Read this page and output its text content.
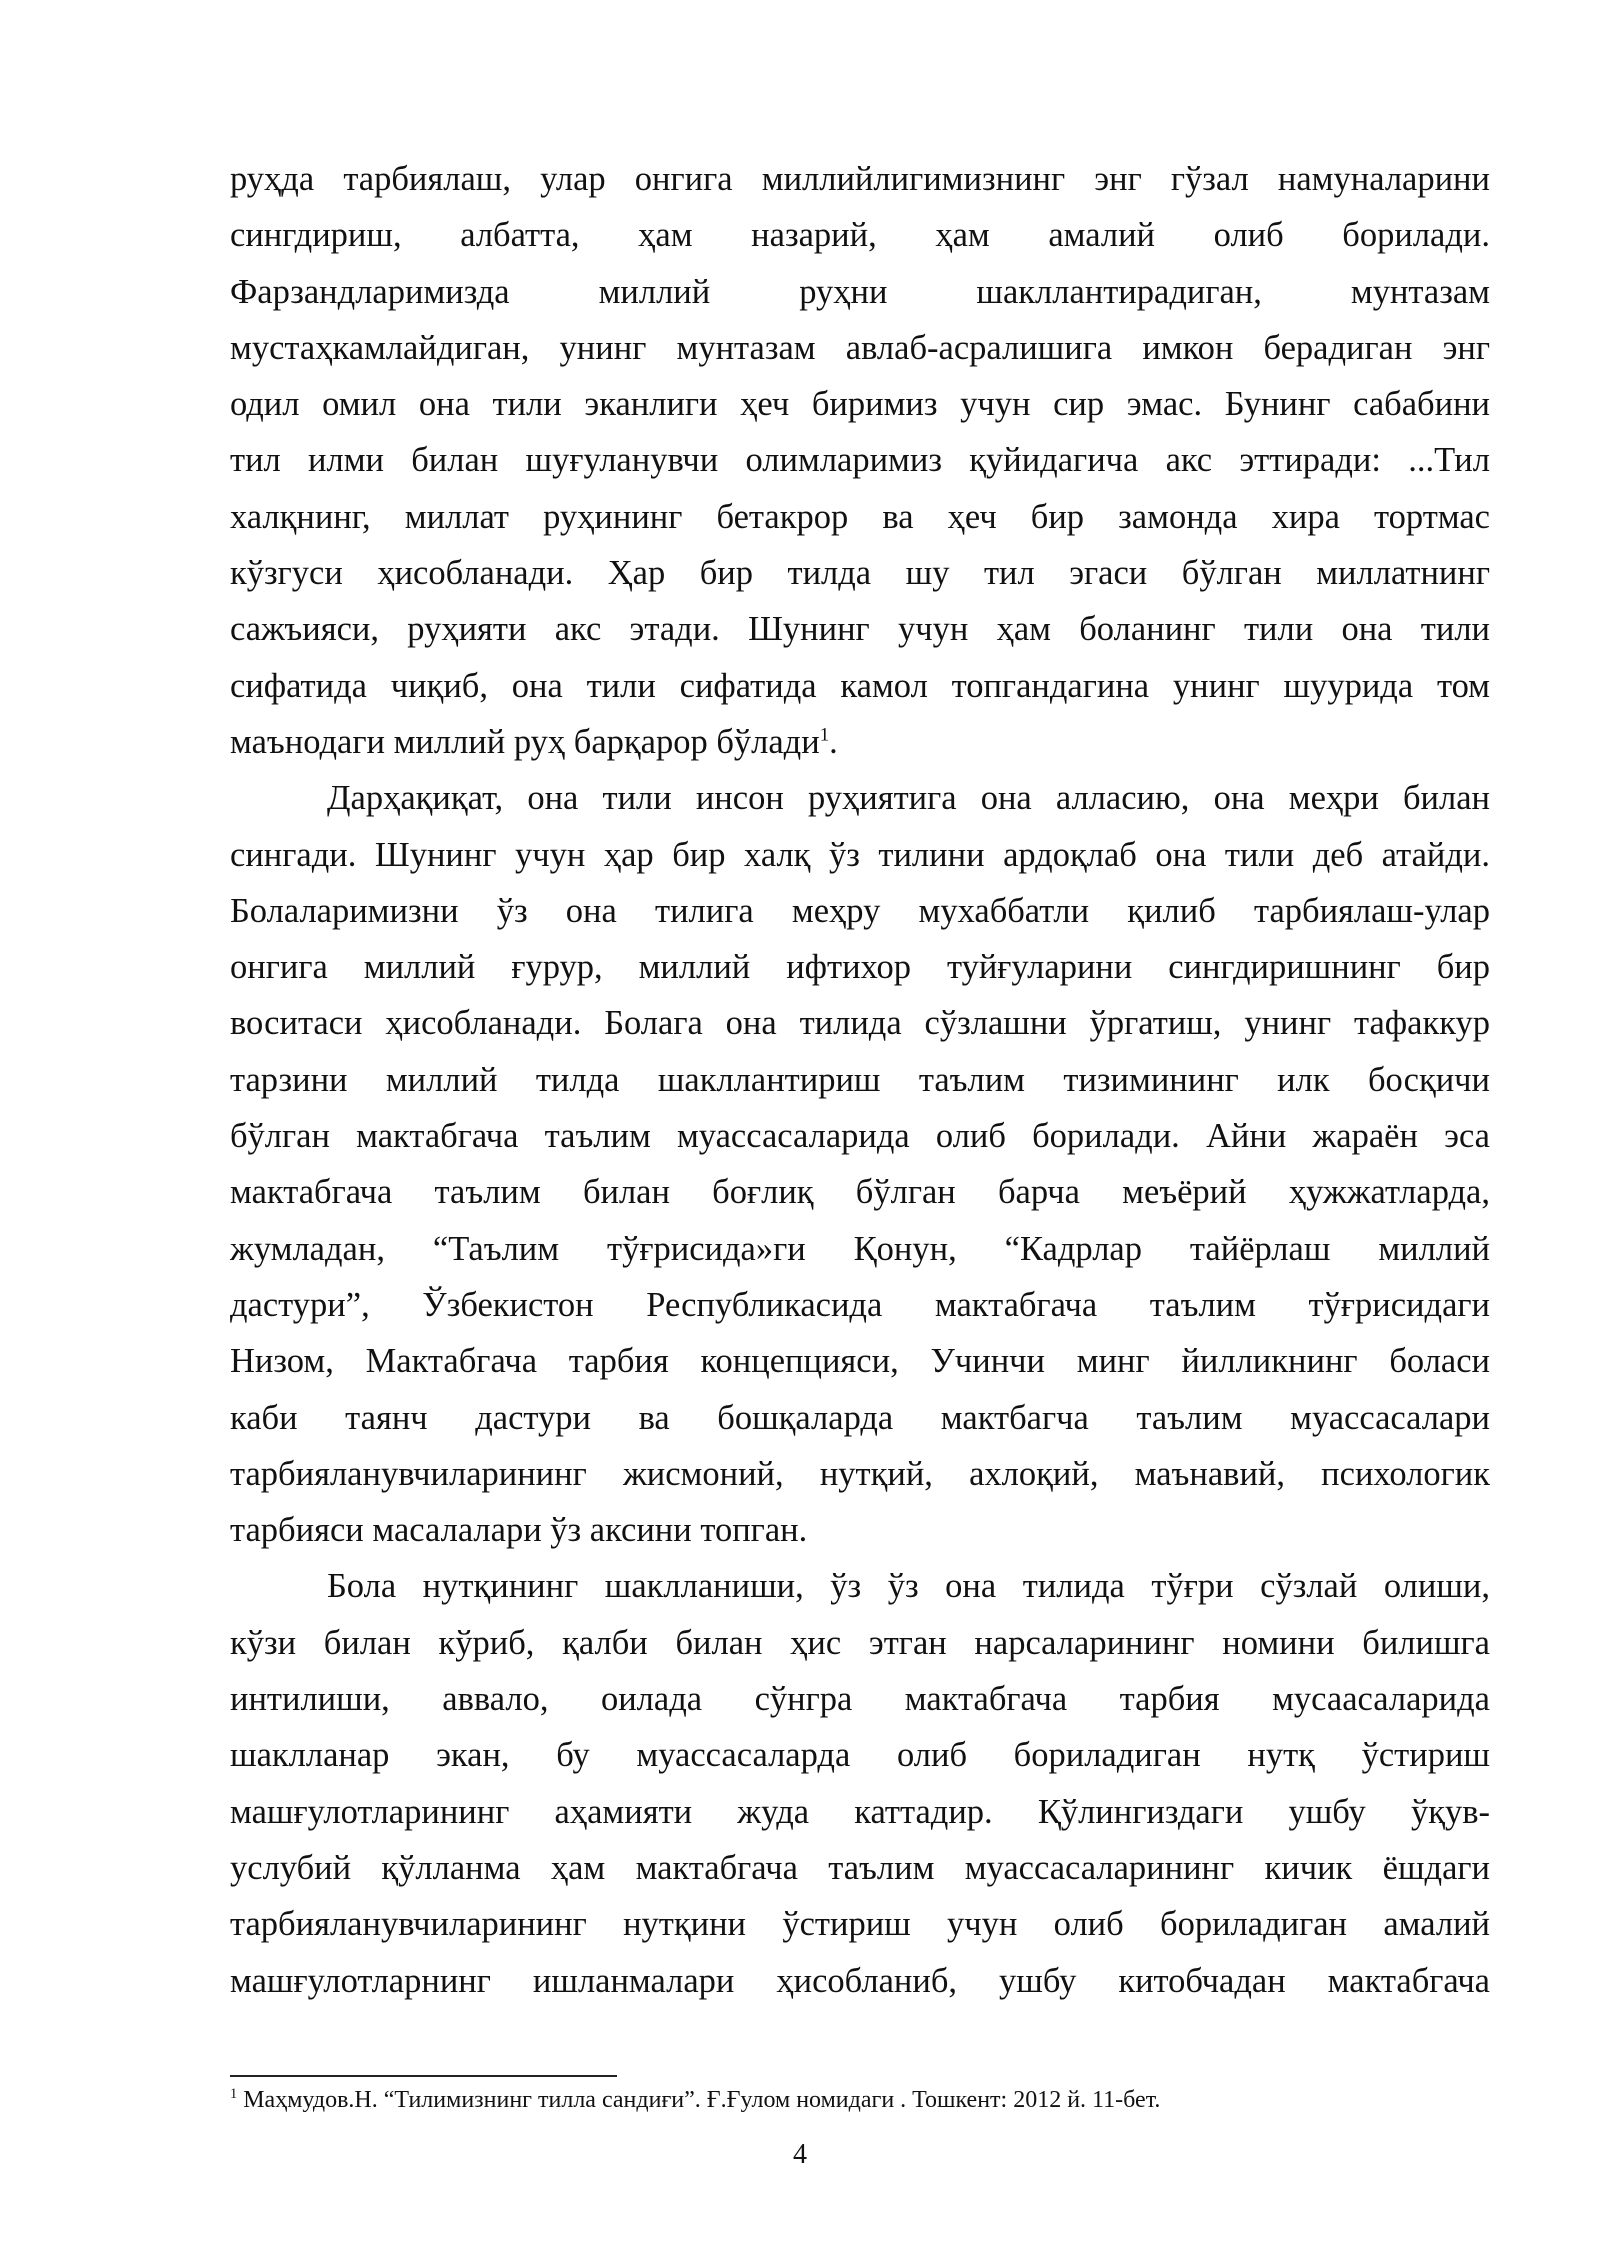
руҳда тарбиялаш, улар онгига миллийлигимизнинг энг гўзал намуналарини
сингдириш, албатта, ҳам назарий, ҳам амалий олиб борилади.
Фарзандларимизда миллий руҳни шакллантирадиган, мунтазам
мустаҳкамлайдиган, унинг мунтазам авлаб-асралишига имкон берадиган энг
одил омил она тили эканлиги ҳеч биримиз учун сир эмас. Бунинг сабабини
тил илми билан шуғуланувчи олимларимиз қуйидагича акс эттиради: ...Тил
халқнинг, миллат руҳининг бетакрор ва ҳеч бир замонда хира тортмас
кўзгуси ҳисобланади. Ҳар бир тилда шу тил эгаси бўлган миллатнинг
сажъияси, руҳияти акс этади. Шунинг учун ҳам боланинг тили она тили
сифатида чиқиб, она тили сифатида камол топгандагина унинг шуурида том
маънодаги миллий руҳ барқарор бўлади$^1$.
Дарҳақиқат, она тили инсон руҳиятига она алласию, она меҳри билан
сингади. Шунинг учун ҳар бир халқ ўз тилини ардоқлаб она тили деб атайди.
Болаларимизни ўз она тилига меҳру мухаббатли қилиб тарбиялаш-улар
онгига миллий ғурур, миллий ифтихор туйғуларини сингдиришнинг бир
воситаси ҳисобланади. Болага она тилида сўзлашни ўргатиш, унинг тафаккур
тарзини миллий тилда шакллантириш таълим тизимининг илк босқичи
бўлган мактабгача таълим муассасаларида олиб борилади. Айни жараён эса
мактабгача таълим билан боғлиқ бўлган барча меъёрий ҳужжатларда,
жумладан, “Таълим тўғрисида»ги Қонун, “Кадрлар тайёрлаш миллий
дастури”, Ўзбекистон Республикасида мактабгача таълим тўғрисидаги
Низом, Мактабгача тарбия концепцияси, Учинчи минг йилликнинг боласи
каби таянч дастури ва бошқаларда мактбагча таълим муассасалари
тарбияланувчиларининг жисмоний, нутқий, ахлоқий, маънавий, психологик
тарбияси масалалари ўз аксини топган.
Бола нутқининг шаклланиши, ўз ўз она тилида тўғри сўзлай олиши,
кўзи билан кўриб, қалби билан ҳис этган нарсаларининг номини билишга
интилиши, аввало, оилада сўнгра мактабгача тарбия мусаасаларида
шаклланар экан, бу муассасаларда олиб бориладиган нутқ ўстириш
машғулотларининг аҳамияти жуда каттадир. Қўлингиздаги ушбу ўқув-
услубий қўлланма ҳам мактабгача таълим муассасаларининг кичик ёшдаги
тарбияланувчиларининг нутқини ўстириш учун олиб бориладиган амалий
машғулотларнинг ишланмалари ҳисобланиб, ушбу китобчадан мактабгача
$^1$ Маҳмудов.Н. “Тилимизнинг тилла сандиғи”. Ғ.Ғулом номидаги . Тошкент: 2012 й. 11-бет.
4
